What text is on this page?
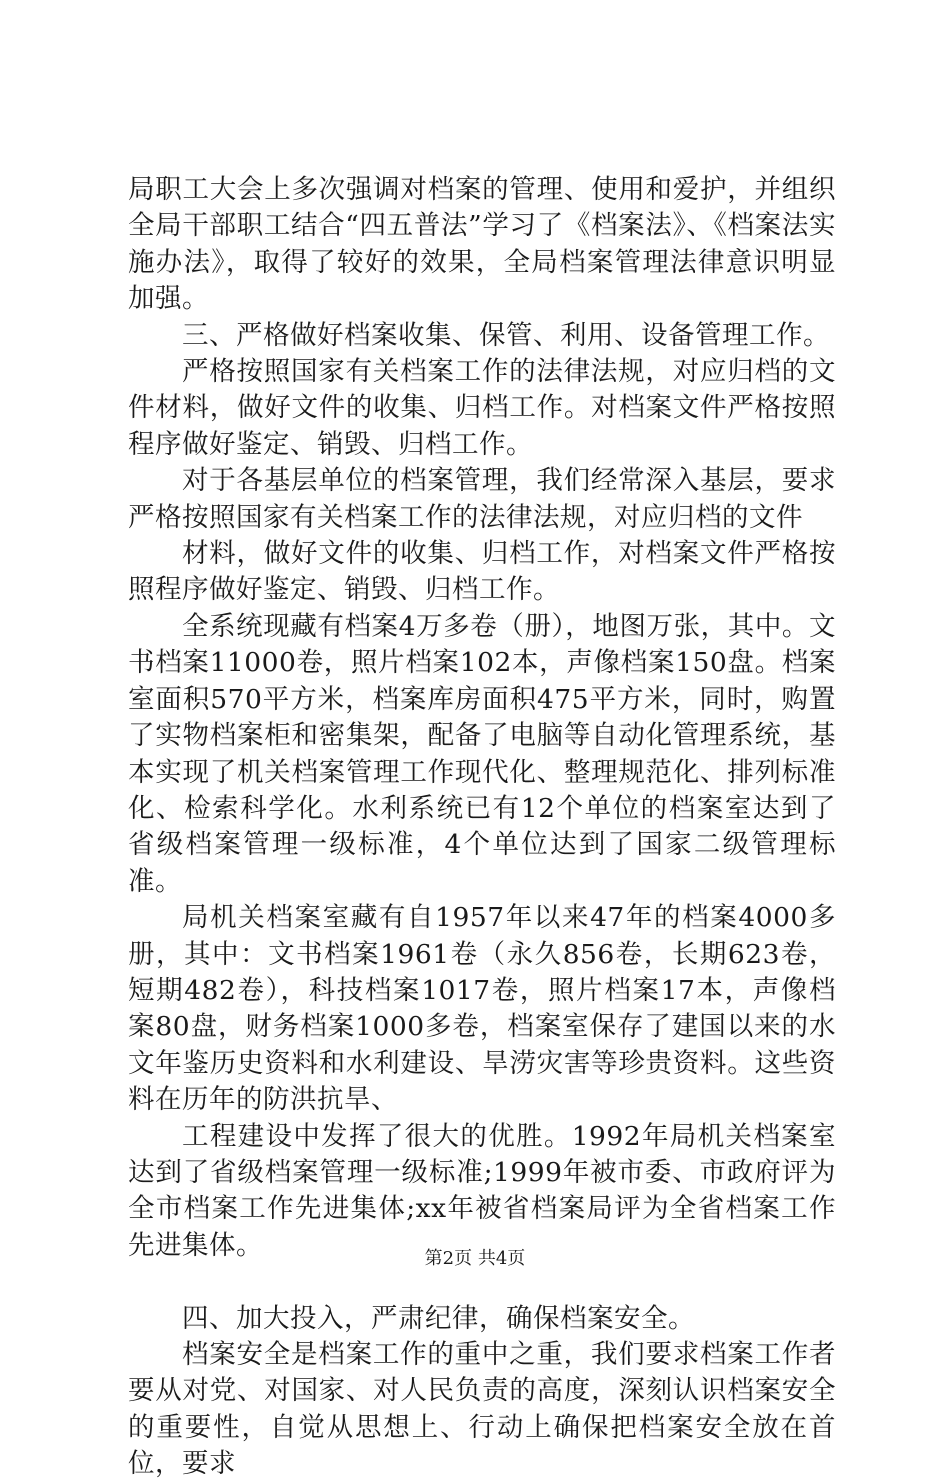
局职工大会上多次强调对档案的管理、使用和爱护，并组织全局干部职工结合“四五普法”学习了《档案法》、《档案法实施办法》，取得了较好的效果，全局档案管理法律意识明显加强。

三、严格做好档案收集、保管、利用、设备管理工作。

严格按照国家有关档案工作的法律法规，对应归档的文件材料，做好文件的收集、归档工作。对档案文件严格按照程序做好鉴定、销毁、归档工作。

对于各基层单位的档案管理，我们经常深入基层，要求严格按照国家有关档案工作的法律法规，对应归档的文件

材料，做好文件的收集、归档工作，对档案文件严格按照程序做好鉴定、销毁、归档工作。

全系统现藏有档案4万多卷（册），地图万张，其中。文书档案11000卷，照片档案102本，声像档案150盘。档案室面积570平方米，档案库房面积475平方米，同时，购置了实物档案柜和密集架，配备了电脑等自动化管理系统，基本实现了机关档案管理工作现代化、整理规范化、排列标准化、检索科学化。水利系统已有12个单位的档案室达到了省级档案管理一级标准，4个单位达到了国家二级管理标准。

局机关档案室藏有自1957年以来47年的档案4000多册，其中：文书档案1961卷（永久856卷，长期623卷，短期482卷），科技档案1017卷，照片档案17本，声像档案80盘，财务档案1000多卷，档案室保存了建国以来的水文年鉴历史资料和水利建设、旱涝灾害等珍贵资料。这些资料在历年的防洪抗旱、

工程建设中发挥了很大的优胜。1992年局机关档案室达到了省级档案管理一级标准;1999年被市委、市政府评为全市档案工作先进集体;xx年被省档案局评为全省档案工作先进集体。

四、加大投入，严肃纪律，确保档案安全。

档案安全是档案工作的重中之重，我们要求档案工作者要从对党、对国家、对人民负责的高度，深刻认识档案安全的重要性，自觉从思想上、行动上确保把档案安全放在首位，要求

第2页 共4页
